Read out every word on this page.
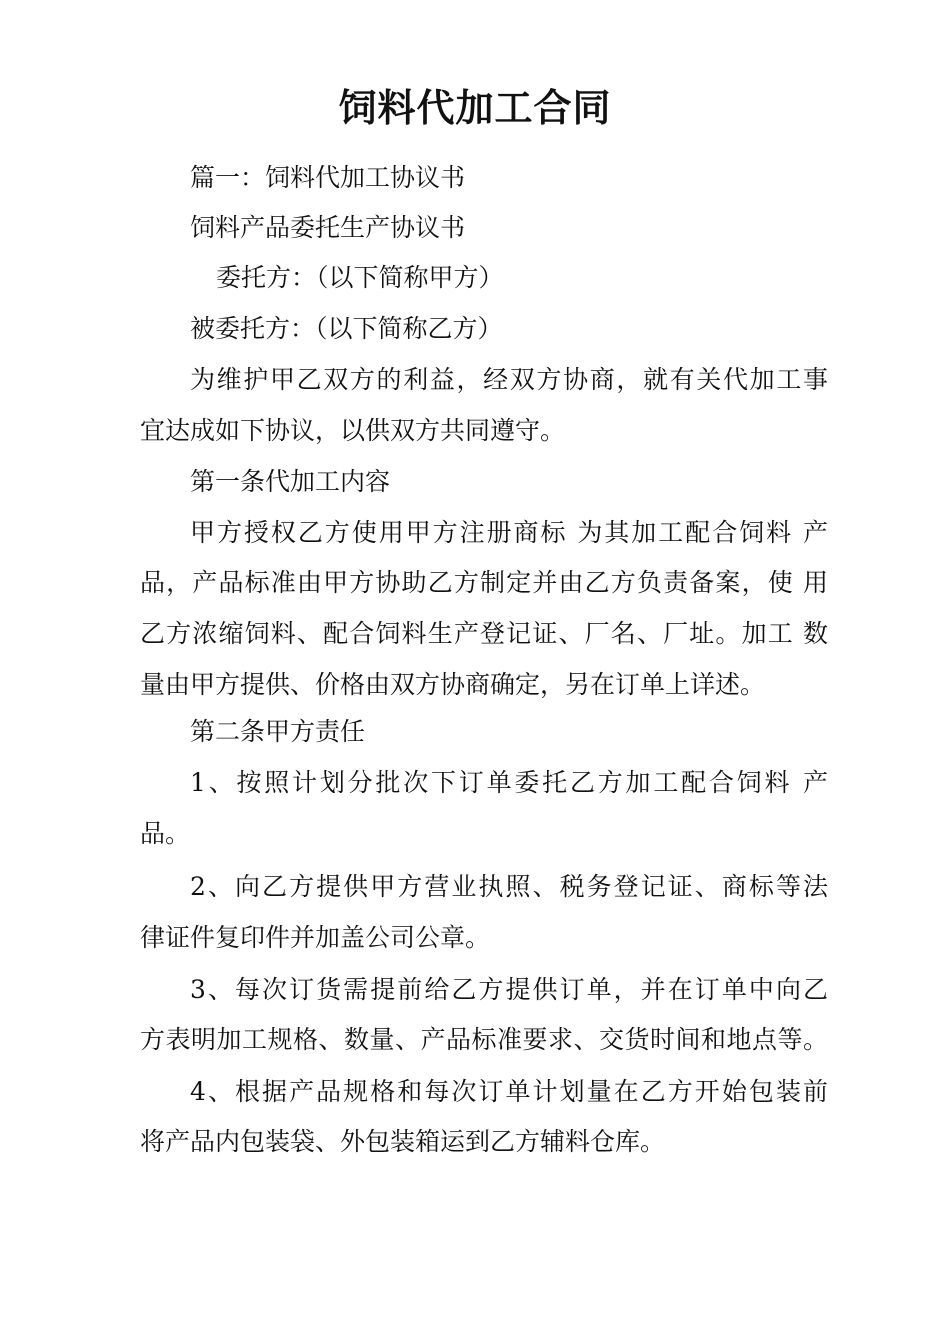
饲料代加工合同
篇一：饲料代加工协议书
饲料产品委托生产协议书
委托方：（以下简称甲方）
被委托方：（以下简称乙方）
为维护甲乙双方的利益，经双方协商，就有关代加工事
宜达成如下协议，以供双方共同遵守。
第一条代加工内容
甲方授权乙方使用甲方注册商标 为其加工配合饲料 产
品，产品标准由甲方协助乙方制定并由乙方负责备案，使 用
乙方浓缩饲料、配合饲料生产登记证、厂名、厂址。加工 数
量由甲方提供、价格由双方协商确定，另在订单上详述。
第二条甲方责任
1、按照计划分批次下订单委托乙方加工配合饲料 产
品。
2、向乙方提供甲方营业执照、税务登记证、商标等法
律证件复印件并加盖公司公章。
3、每次订货需提前给乙方提供订单，并在订单中向乙
方表明加工规格、数量、产品标准要求、交货时间和地点等。
4、根据产品规格和每次订单计划量在乙方开始包装前
将产品内包装袋、外包装箱运到乙方辅料仓库。
